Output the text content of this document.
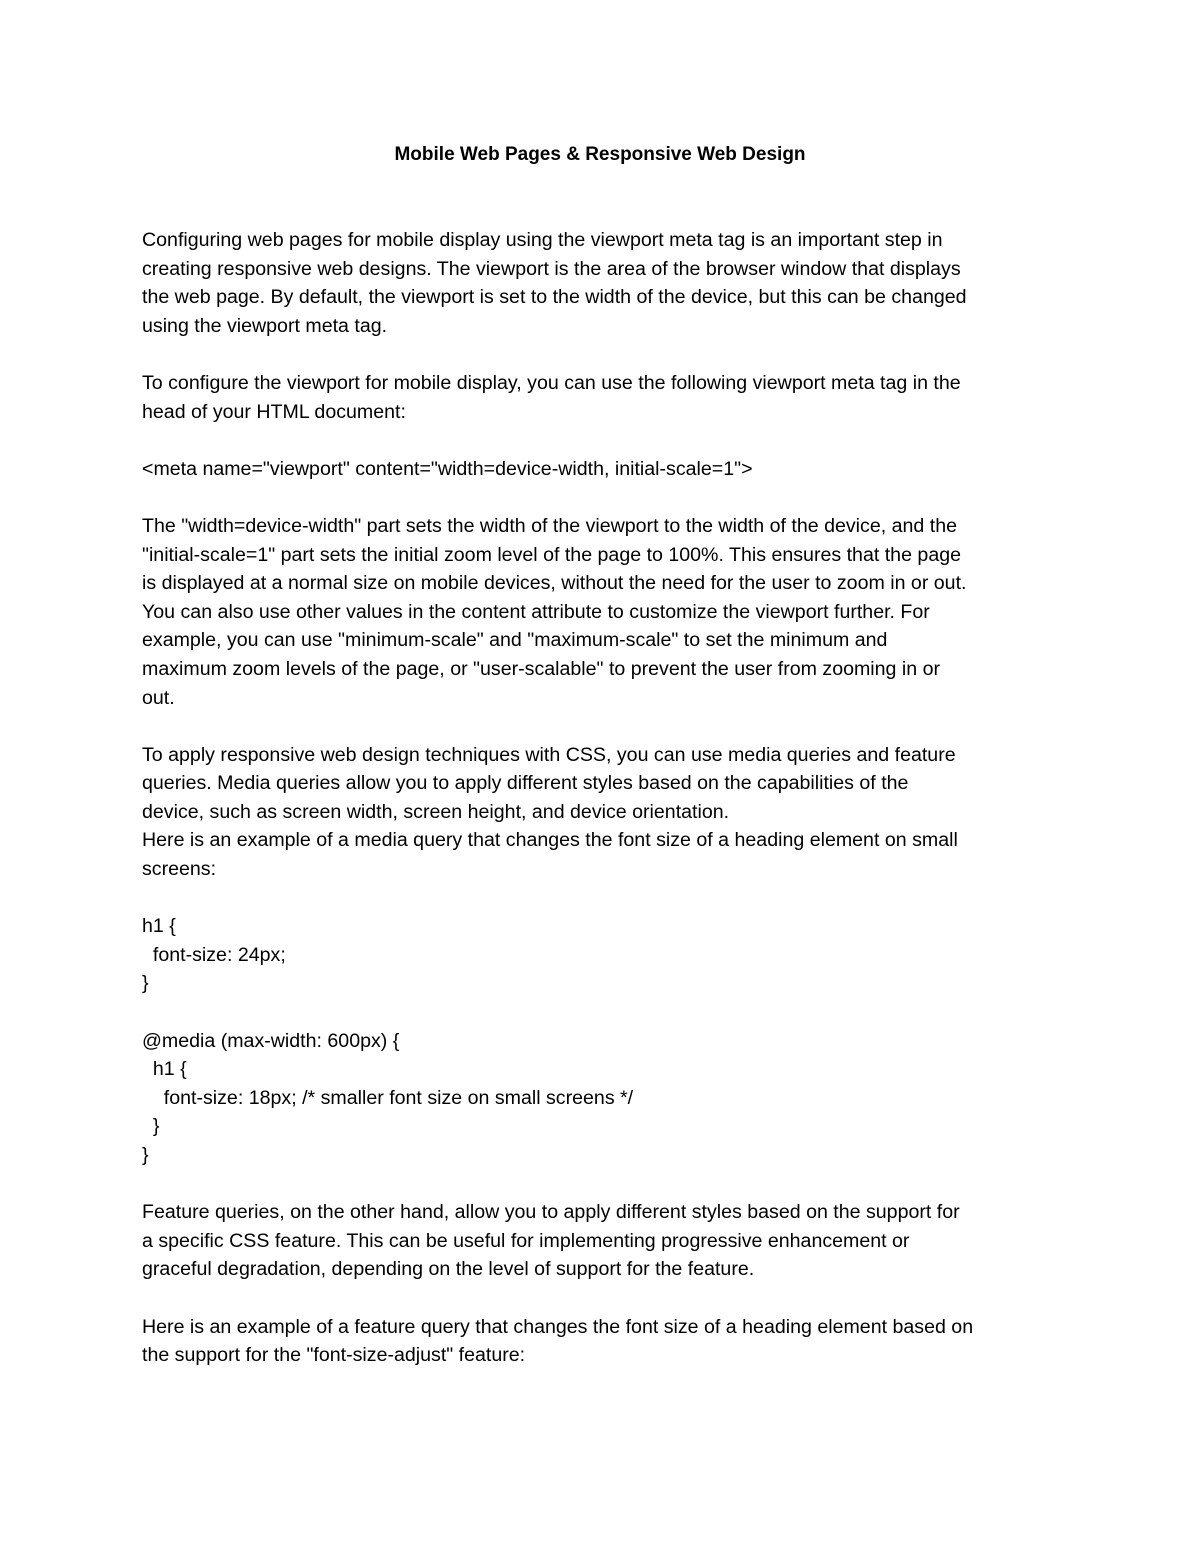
Mobile Web Pages & Responsive Web Design
Configuring web pages for mobile display using the viewport meta tag is an important step in
creating responsive web designs. The viewport is the area of the browser window that displays
the web page. By default, the viewport is set to the width of the device, but this can be changed
using the viewport meta tag.
To configure the viewport for mobile display, you can use the following viewport meta tag in the
head of your HTML document:
<meta name="viewport" content="width=device-width, initial-scale=1">
The "width=device-width" part sets the width of the viewport to the width of the device, and the
"initial-scale=1" part sets the initial zoom level of the page to 100%. This ensures that the page
is displayed at a normal size on mobile devices, without the need for the user to zoom in or out.
You can also use other values in the content attribute to customize the viewport further. For
example, you can use "minimum-scale" and "maximum-scale" to set the minimum and
maximum zoom levels of the page, or "user-scalable" to prevent the user from zooming in or
out.
To apply responsive web design techniques with CSS, you can use media queries and feature
queries. Media queries allow you to apply different styles based on the capabilities of the
device, such as screen width, screen height, and device orientation.
Here is an example of a media query that changes the font size of a heading element on small
screens:
h1 {
font-size: 24px;
}
@media (max-width: 600px) {
h1 {
font-size: 18px; /* smaller font size on small screens */
}
}
Feature queries, on the other hand, allow you to apply different styles based on the support for
a specific CSS feature. This can be useful for implementing progressive enhancement or
graceful degradation, depending on the level of support for the feature.
Here is an example of a feature query that changes the font size of a heading element based on
the support for the "font-size-adjust" feature:
